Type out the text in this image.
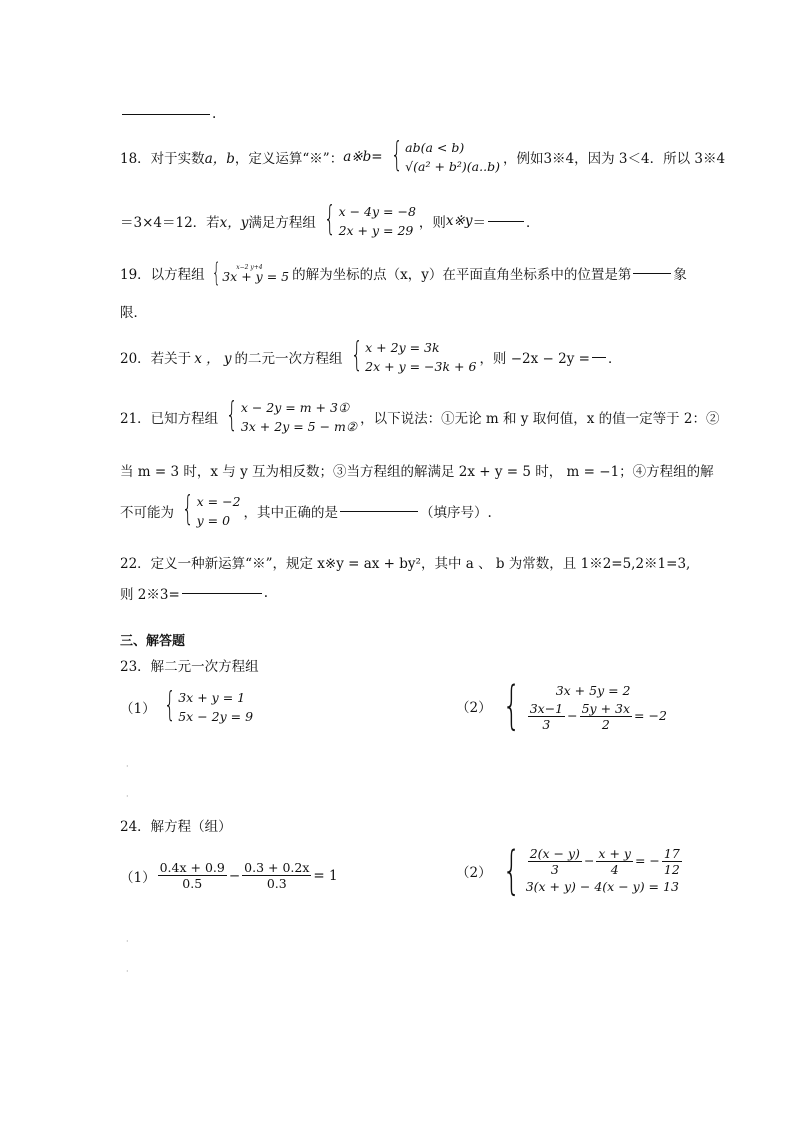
.
18．对于实数 a，b ，定义运算“※”： a※b= { ab(a < b)
√(a² + b²)(a..b) ，例如3※4，因为 3＜4．所以 3※4
＝3×4＝12．若 x，y 满足方程组 { x − 4y = −8
2x + y = 29 ，则 x※y ＝	．
19．以方程组 {	x−2 y+4
3x + y = 5 的解为坐标的点（x，y）在平面直角坐标系中的位置是第	象
限．
20．若关于 x ， y 的二元一次方程组 { x + 2y = 3k
2x + y = −3k + 6 ，则 −2x − 2y = ．
21．已知方程组 { x − 2y = m + 3①
3x + 2y = 5 − m② ，以下说法：①无论 m 和 y 取何值，x 的值一定等于 2：②
当 m = 3 时，x 与 y 互为相反数；③当方程组的解满足 2x + y = 5 时， m = −1；④方程组的解
不可能为 { x = −2
y = 0 ，其中正确的是	（填序号）.
22．定义一种新运算“※”，规定 x※y = ax + by²，其中 a 、 b 为常数，且 1※2=5,2※1=3,
则 2※3=	.
三、解答题
23．解二元一次方程组
（1） { 3x + y = 1
5x − 2y = 9
（2） {	3x + 5y = 2
$\frac{3x-1}{3} - \frac{5y + 3x}{2} = -2$
·
·
24．解方程（组）
$(1) \frac{0.4x + 0.9}{0.5} - \frac{0.3 + 0.2x}{0.3} = 1$	（2） { $\frac{2(x - y)}{3} - \frac{x + y}{4}$ = − $\frac{17}{12}$
3(x + y) − 4(x − y) = 13
·
·
